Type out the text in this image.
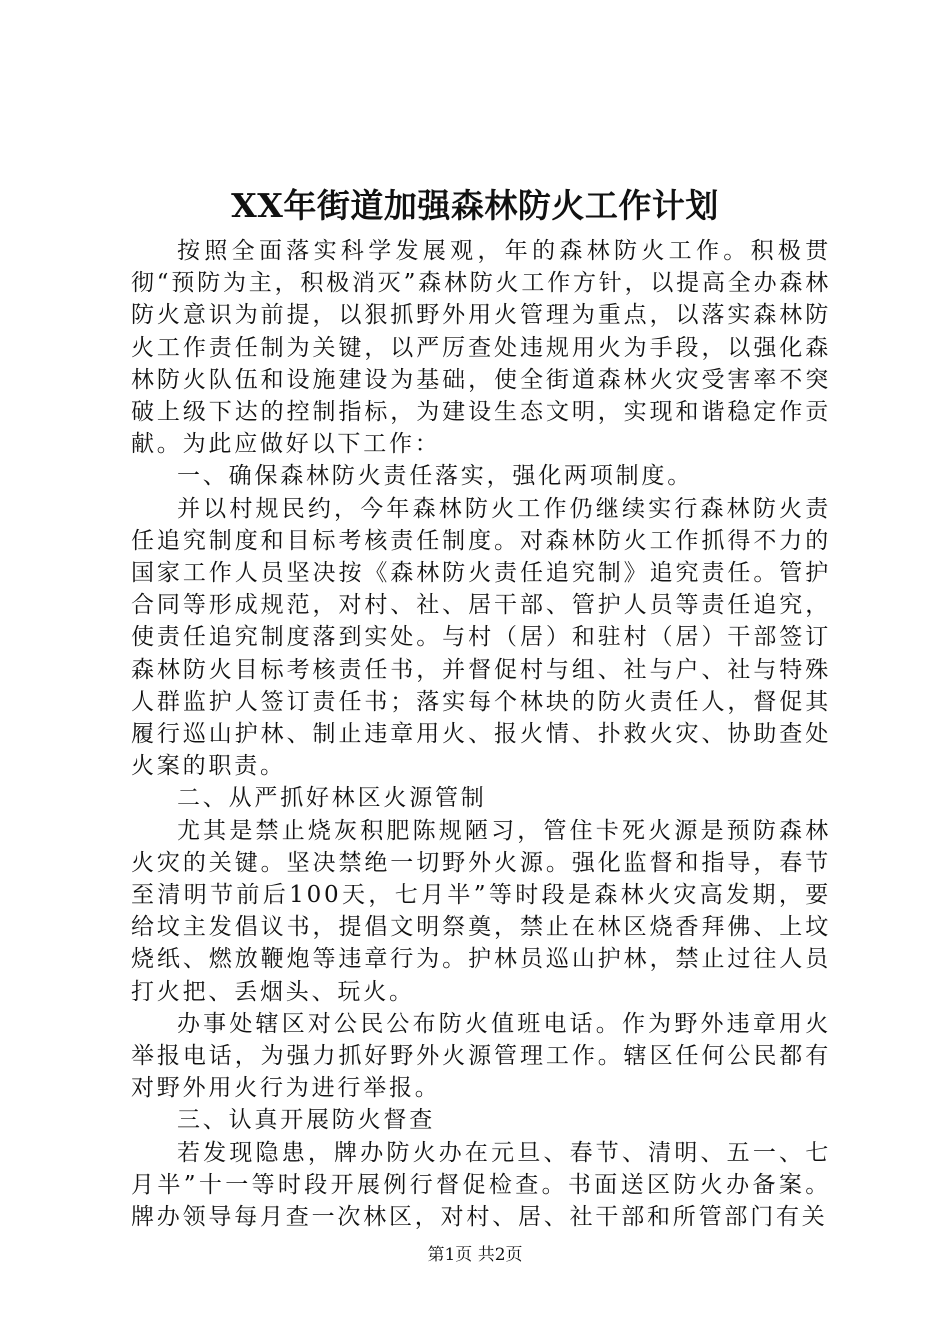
XX年街道加强森林防火工作计划

按照全面落实科学发展观，年的森林防火工作。积极贯彻“预防为主，积极消灭”森林防火工作方针，以提高全办森林防火意识为前提，以狠抓野外用火管理为重点，以落实森林防火工作责任制为关键，以严厉查处违规用火为手段，以强化森林防火队伍和设施建设为基础，使全街道森林火灾受害率不突破上级下达的控制指标，为建设生态文明，实现和谐稳定作贡献。为此应做好以下工作：

一、确保森林防火责任落实，强化两项制度。

并以村规民约，今年森林防火工作仍继续实行森林防火责任追究制度和目标考核责任制度。对森林防火工作抓得不力的国家工作人员坚决按《森林防火责任追究制》追究责任。管护合同等形成规范，对村、社、居干部、管护人员等责任追究，使责任追究制度落到实处。与村（居）和驻村（居）干部签订森林防火目标考核责任书，并督促村与组、社与户、社与特殊人群监护人签订责任书；落实每个林块的防火责任人，督促其履行巡山护林、制止违章用火、报火情、扑救火灾、协助查处火案的职责。

二、从严抓好林区火源管制

尤其是禁止烧灰积肥陈规陋习，管住卡死火源是预防森林火灾的关键。坚决禁绝一切野外火源。强化监督和指导，春节至清明节前后100天，七月半”等时段是森林火灾高发期，要给坟主发倡议书，提倡文明祭奠，禁止在林区烧香拜佛、上坟烧纸、燃放鞭炮等违章行为。护林员巡山护林，禁止过往人员打火把、丢烟头、玩火。

办事处辖区对公民公布防火值班电话。作为野外违章用火举报电话，为强力抓好野外火源管理工作。辖区任何公民都有对野外用火行为进行举报。

三、认真开展防火督查

若发现隐患，牌办防火办在元旦、春节、清明、五一、七月半”十一等时段开展例行督促检查。书面送区防火办备案。牌办领导每月查一次林区，对村、居、社干部和所管部门有关

第1页 共2页
